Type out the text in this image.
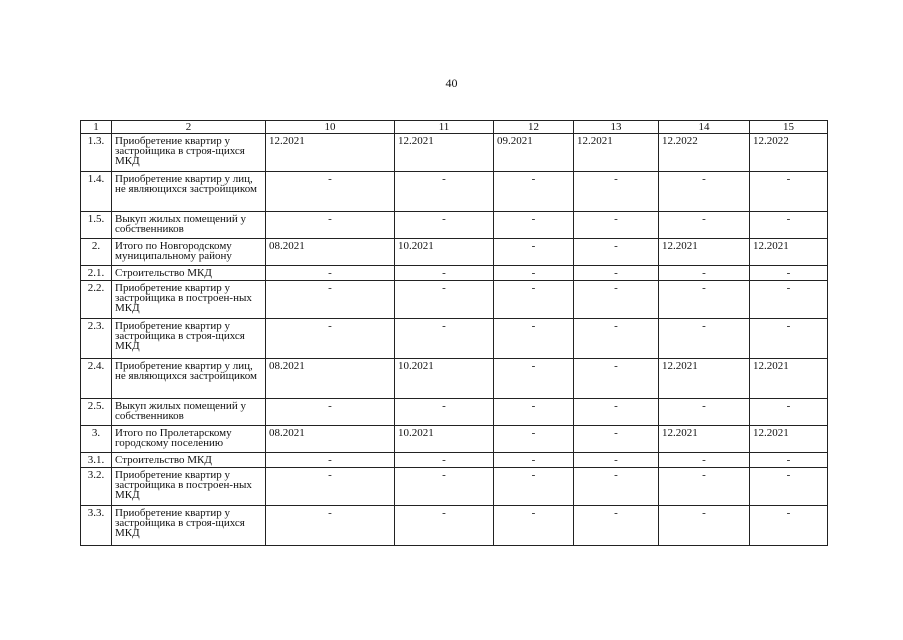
40
1	2	10	11	12	13	14	15
1.3.	Приобретение квартир у застройщика в строя-щихся МКД	12.2021	12.2021	09.2021	12.2021	12.2022	12.2022
1.4.	Приобретение квартир у лиц, не являющихся застройщиком	-	-	-	-	-	-
1.5.	Выкуп жилых помещений у собственников	-	-	-	-	-	-
2.	Итого по Новгородскому муниципальному району	08.2021	10.2021	-	-	12.2021	12.2021
2.1.	Строительство МКД	-	-	-	-	-	-
2.2.	Приобретение квартир у застройщика в построен-ных МКД	-	-	-	-	-	-
2.3.	Приобретение квартир у застройщика в строя-щихся МКД	-	-	-	-	-	-
2.4.	Приобретение квартир у лиц, не являющихся застройщиком	08.2021	10.2021	-	-	12.2021	12.2021
2.5.	Выкуп жилых помещений у собственников	-	-	-	-	-	-
3.	Итого по Пролетарскому городскому поселению	08.2021	10.2021	-	-	12.2021	12.2021
3.1.	Строительство МКД	-	-	-	-	-	-
3.2.	Приобретение квартир у застройщика в построен-ных МКД	-	-	-	-	-	-
3.3.	Приобретение квартир у застройщика в строя-щихся МКД	-	-	-	-	-	-
